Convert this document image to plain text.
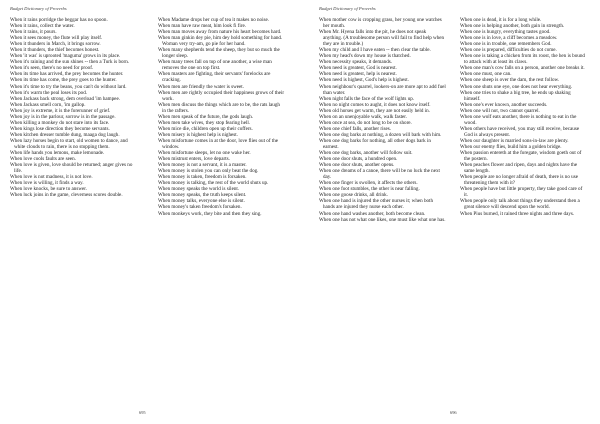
Budget Dictionary of Proverbs

When it rains porridge the beggar has no spoon.

When it rains, collect the water.

When it rains, it pours.

When it sees money, the flute will play itself.

When it thunders in March, it brings sorrow.

When it thunders, the thief becomes honest.

When 'it was' is uprooted 'maguma' grows in its place.

When it's raining and the sun shines -- then a Turk is born.

When it's seen, there's no need for proof.

When its time has arrived, the prey becomes the hunter.

When its time has come, the prey goes to the hunter.

When it's time to try the beans, you can't do without lard.

When it's warm the peal loses its pod.

When Jackass back strong, dem overload 'im hampee.

When Jackass smell corn, 'im gallop.

When joy is extreme, it is the forerunner of grief.

When joy is in the parlour, sorrow is in the passage.

When killing a monkey do not stare into its face.

When kings lose direction they become servants.

When kitchen dresser tumble dung, maaga dog laugh.

When lazy horses begin to start, old women to dance, and white clouds to rain, there is no stopping them.

When life hands you lemons, make lemonade.

When love cools faults are seen.

When love is given, love should be returned; anger gives no life.

When love is not madness, it is not love.

When love is willing, it finds a way.

When love knocks, be sure to answer.

When luck joins in the game, cleverness scores double.

When Madame drops her cup of tea it makes no noise.

When man have raw meat, him look fi fire.

When man moves away from nature his heart becomes hard.

When man ginkin dey pie, him dey hold something for hand. Woman very try-am, go pie for her hand.

When many shepherds tend the sheep, they but so much the longer sleep.

When many trees fall on top of one another, a wise man removes the one on top first.

When masters are fighting, their servants' forelocks are cracking.

When men are friendly the water is sweet.

When men are rightly occupied their happiness grows of their work.

When men discuss the things which are to be, the rats laugh in the rafters.

When men speak of the future, the gods laugh.

When men take wives, they stop fearing hell.

When mice die, children open up their coffers.

When misery is highest help is nighest.

When misfortune comes in at the door, love flies out of the window.

When misfortune sleeps, let no one wake her.

When mistrust enters, love departs.

When money is not a servant, it is a master.

When money is stolen you can only beat the dog.

When money is taken, freedom is forsaken.

When money is talking, the rest of the world shuts up.

When money speaks the world is silent.

When money speaks, the truth keeps silent.

When money talks, everyone else is silent.

When money's taken freedom's forsaken.

When monkeys work, they bite and then they sing.

695
Budget Dictionary of Proverbs

When mother cow is cropping grass, her young one watches her mouth.

When Mr. Hyena falls into the pit, he does not speak anything. (A troublesome person will fail to find help when they are in trouble.)

When my child and I have eaten -- then clear the table.

When my head's down my house is thatched.

When necessity speaks, it demands.

When need is greatest, God is nearest.

When need is greatest, help is nearest.

When need is highest, God's help is highest.

When neighbour's quarrel, lookers-on are more apt to add fuel than water.

When night falls the face of the wolf lights up.

When no night comes to aught, it does not know itself.

When old horses get warm, they are not easily held in.

When on an unenjoyable walk, walk faster.

When once at sea, do not long to be on shore.

When one chief falls, another rises.

When one dog barks at nothing, a dozen will bark with him.

When one dog barks for nothing, all other dogs bark in earnest.

When one dog barks, another will follow suit.

When one door shuts, a hundred open.

When one door shuts, another opens.

When one dreams of a canoe, there will be no luck the next day.

When one finger is swollen, it affects the others.

When one foot stumbles, the other is near falling.

When one goose drinks, all drink.

When one hand is injured the other nurses it; when both hands are injured they nurse each other.

When one hand washes another, both become clean.

When one has not what one likes, one must like what one has.

When one is dead, it is for a long while.

When one is helping another, both gain in strength.

When one is hungry, everything tastes good.

When one is in love, a cliff becomes a meadow.

When one is in trouble, one remembers God.

When one is prepared, difficulties do not come.

When one is taking a chicken from its roost, the hen is bound to attack with at least its claws.

When one man's cow falls on a person, another one breaks it.

When one must, one can.

When one sheep is over the dam, the rest follow.

When one shuts one eye, one does not hear everything.

When one tries to shake a big tree, he ends up shaking himself.

When one's ever known, another succeeds.

When one will not, two cannot quarrel.

When one wolf eats another, there is nothing to eat in the wood.

When others have received, you may still receive, because God is always present.

When our daughter is married sons-in-law are plenty.

When our enemy flies, build him a golden bridge.

When passion entereth at the foregate, wisdom goeth out of the postern.

When peaches flower and ripen, days and nights have the same length.

When people are no longer afraid of death, there is no use threatening them with it?

When people have but little property, they take good care of it.

When people only talk about things they understand then a great silence will descend upon the world.

When Pius burned, it rained three nights and three days.

696
